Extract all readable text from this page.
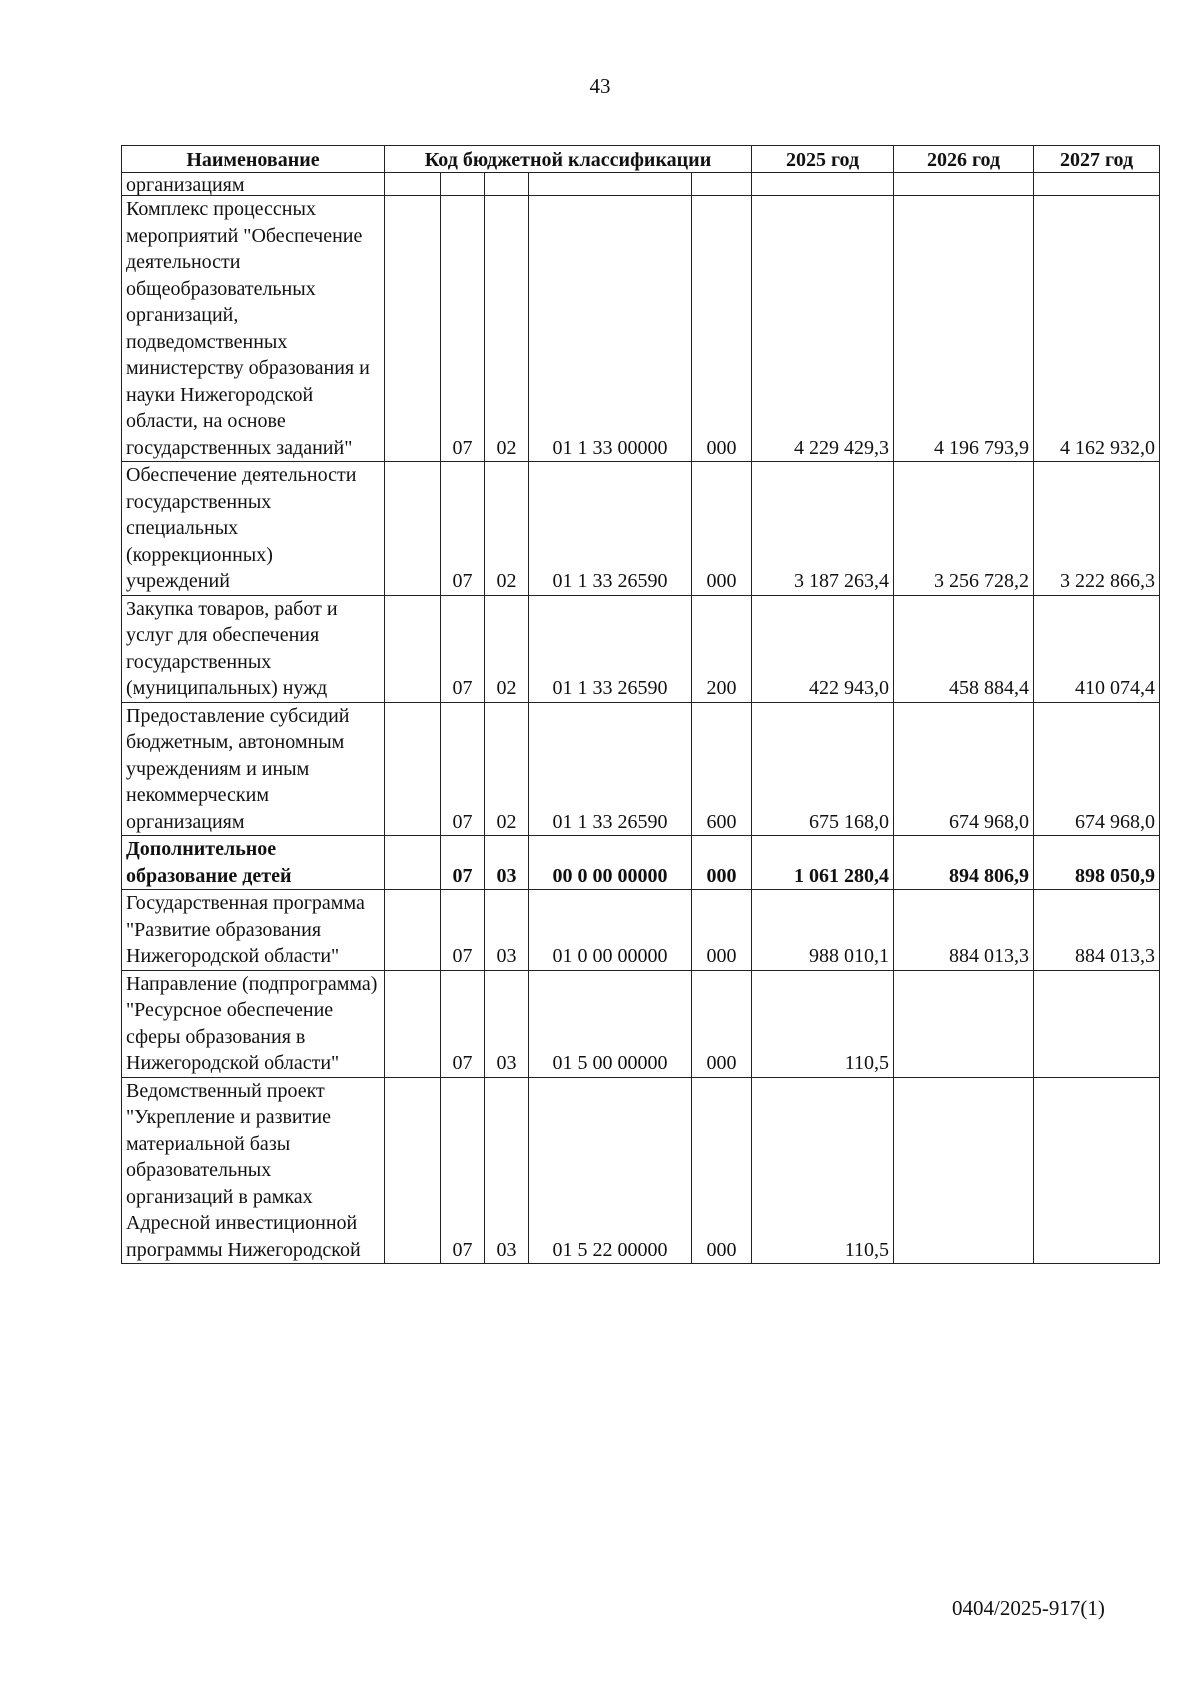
43
Наименование	Код бюджетной классификации					2025 год	2026 год	2027 год
организациям								
Комплекс процессных мероприятий "Обеспечение деятельности общеобразовательных организаций, подведомственных министерству образования и науки Нижегородской области, на основе государственных заданий"		07	02	01 1 33 00000	000	4 229 429,3	4 196 793,9	4 162 932,0
Обеспечение деятельности государственных специальных (коррекционных) учреждений		07	02	01 1 33 26590	000	3 187 263,4	3 256 728,2	3 222 866,3
Закупка товаров, работ и услуг для обеспечения государственных (муниципальных) нужд		07	02	01 1 33 26590	200	422 943,0	458 884,4	410 074,4
Предоставление субсидий бюджетным, автономным учреждениям и иным некоммерческим организациям		07	02	01 1 33 26590	600	675 168,0	674 968,0	674 968,0
Дополнительное образование детей		07	03	00 0 00 00000	000	1 061 280,4	894 806,9	898 050,9
Государственная программа "Развитие образования Нижегородской области"		07	03	01 0 00 00000	000	988 010,1	884 013,3	884 013,3
Направление (подпрограмма) "Ресурсное обеспечение сферы образования в Нижегородской области"		07	03	01 5 00 00000	000	110,5		
Ведомственный проект "Укрепление и развитие материальной базы образовательных организаций в рамках Адресной инвестиционной программы Нижегородской		07	03	01 5 22 00000	000	110,5		
0404/2025-917(1)
